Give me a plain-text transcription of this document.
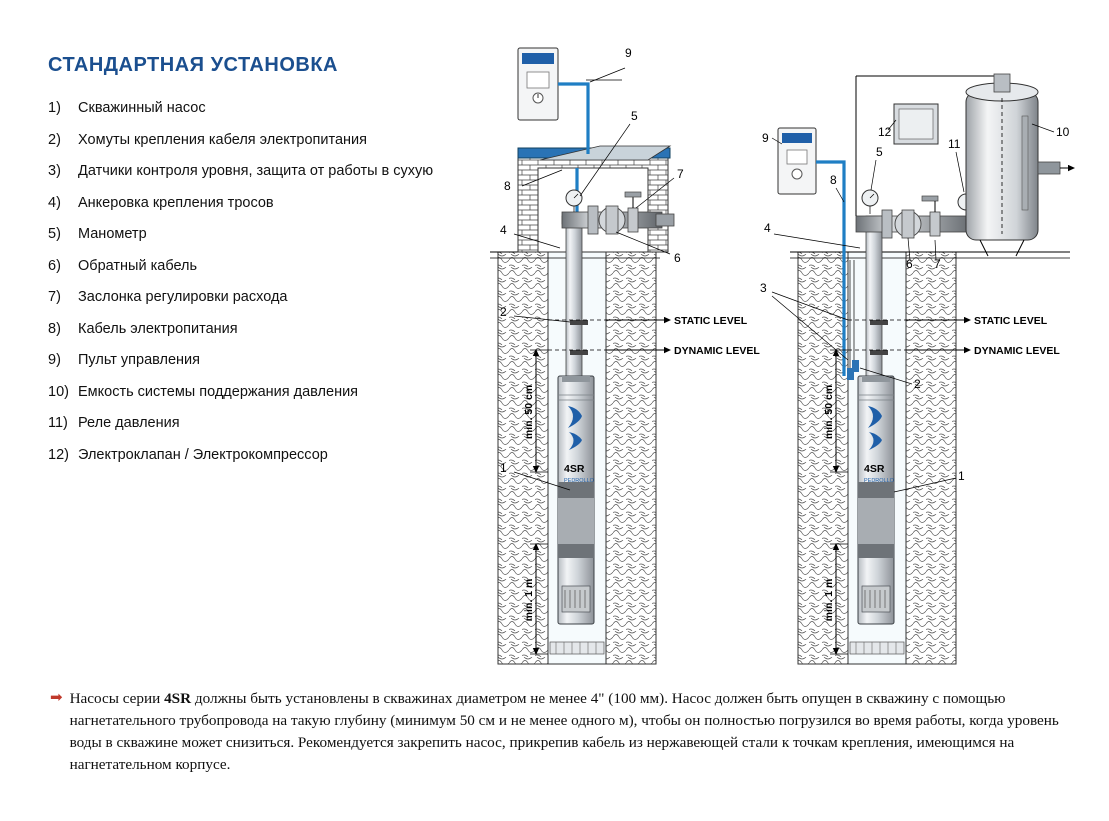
СТАНДАРТНАЯ УСТАНОВКА
1)	Скважинный насос
2)	Хомуты крепления кабеля электропитания
3)	Датчики контроля уровня, защита от работы в сухую
4)	Анкеровка крепления тросов
5)	Манометр
6)	Обратный кабель
7)	Заслонка регулировки расхода
8)	Кабель электропитания
9)	Пульт управления
10) Емкость системы поддержания давления
11) Реле давления
12) Электроклапан / Электрокомпрессор
4SR
PEDROLLO
STATIC LEVEL
DYNAMIC LEVEL
min. 50 cm
min. 1 m
9
5
7
8
6
4
2
1	4SR
PEDROLLO
STATIC LEVEL
DYNAMIC LEVEL
min. 50 cm
min. 1 m
9	12
11
10
8
5
4
6 7
3
2
1
➡ Насосы серии 4SR должны быть установлены в скважинах диаметром не менее 4" (100 мм). Насос должен быть опущен в скважину с помощью нагнетательного трубопровода на такую глубину (минимум 50 см и не менее одного м), чтобы он полностью погрузился во время работы, когда уровень воды в скважине может снизиться. Рекомендуется закрепить насос, прикрепив кабель из нержавеющей стали к точкам крепления, имеющимся на нагнетательном корпусе.
